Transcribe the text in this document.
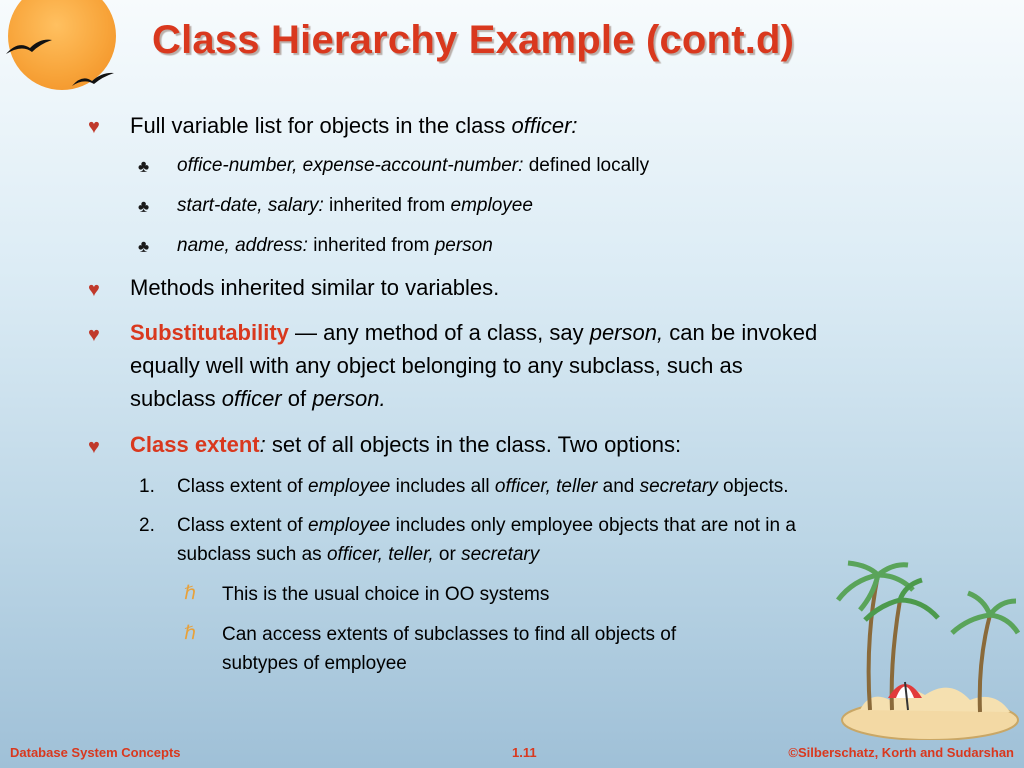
Class Hierarchy Example (cont.d)
♥ Full variable list for objects in the class officer:
♣ office-number, expense-account-number: defined locally
♣ start-date, salary: inherited from employee
♣ name, address: inherited from person
♥ Methods inherited similar to variables.
♥ Substitutability — any method of a class, say person, can be invoked
equally well with any object belonging to any subclass, such as
subclass officer of person.
♥ Class extent: set of all objects in the class. Two options:
1. Class extent of employee includes all officer, teller and secretary objects.
2. Class extent of employee includes only employee objects that are not in a
subclass such as officer, teller, or secretary
ℏ This is the usual choice in OO systems
ℏ Can access extents of subclasses to find all objects of
subtypes of employee
Database System Concepts	1.11	©Silberschatz, Korth and Sudarshan
